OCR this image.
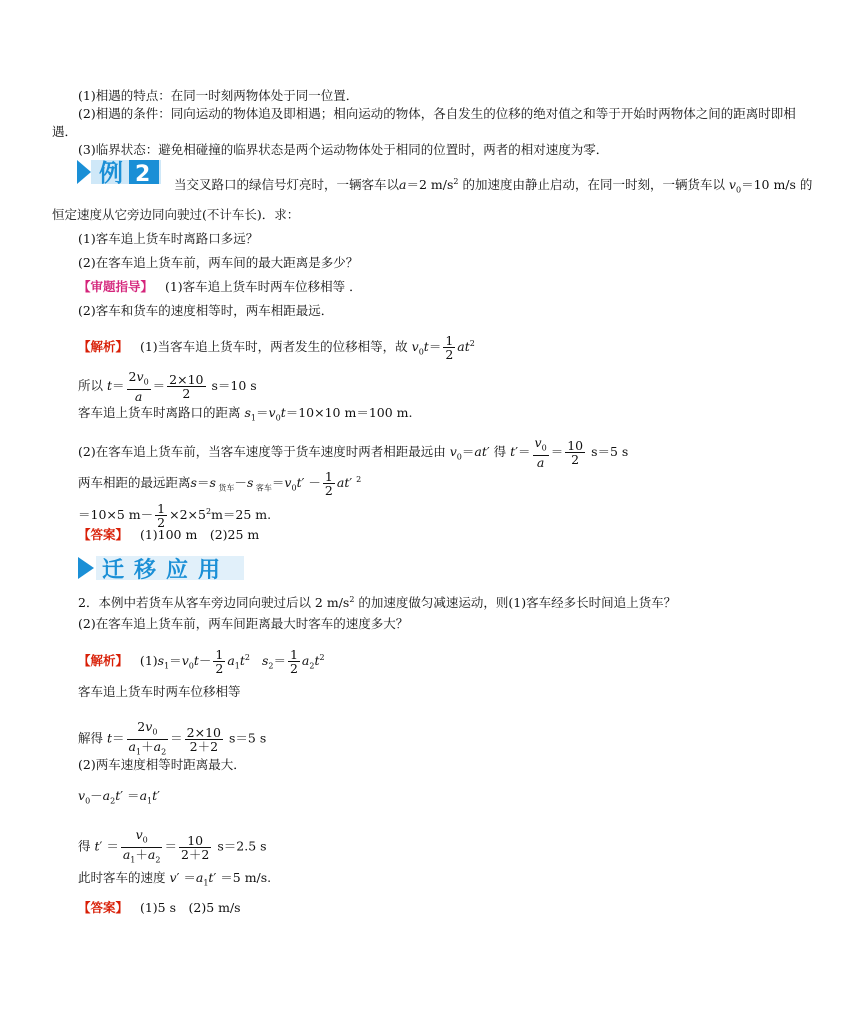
(1)相遇的特点：在同一时刻两物体处于同一位置．
(2)相遇的条件：同向运动的物体追及即相遇；相向运动的物体，各自发生的位移的绝对值之和等于开始时两物体之间的距离时即相
遇．
(3)临界状态：避免相碰撞的临界状态是两个运动物体处于相同的位置时，两者的相对速度为零．
例 2 当交叉路口的绿信号灯亮时，一辆客车以a＝2 $m/s^2$ 的加速度由静止启动，在同一时刻，一辆货车以 $v_0=10$ m/s 的
恒定速度从它旁边同向驶过(不计车长)．求：
(1)客车追上货车时离路口多远？
(2)在客车追上货车前，两车间的最大距离是多少？
【审题指导】 (1)客车追上货车时两车位移相等 ．
(2)客车和货车的速度相等时，两车相距最远．
【解析】 (1)当客车追上货车时，两者发生的位移相等，故 $v_0t= \frac{1}{2} at^2$
所以 $t= \frac{2v_0}{a} = \frac{2\times 10}{2} s=10$ s
客车追上货车时离路口的距离 $s_1=v_0t=10\times 10$ m＝100 m.
(2)在客车追上货车前，当客车速度等于货车速度时两者相距最远由 $v_0=at'$ 得 $t'= \frac{v_0}{a} = \frac{10}{2} s=5$ s
两车相距的最远距离s＝s $_{货车}$－s $_{客车}=v_0t' - \frac{1}{2} at'$ $^2$
＝10×5 $m- \frac{1}{2} \times 2\times 5^2m=25$ m.
【答案】 (1)100 m　(2)25 m
迁移应用
2．本例中若货车从客车旁边同向驶过后以 2 $m/s^2$ 的加速度做匀减速运动，则(1)客车经多长时间追上货车？
(2)在客车追上货车前，两车间距离最大时客车的速度多大？
【解析】   $(1)s_1=v_0t- \frac{1}{2} a_1t^2$ $s_2= \frac{1}{2} a_2t^2$
客车追上货车时两车位移相等
解得 $t= \frac{2v_0}{a_1+a_2} = \frac{2\times 10}{2+2} s=5$ s
(2)两车速度相等时距离最大．
$v_0-a_2t' =a_1t'$
得 $t' = \frac{v_0}{a_1+a_2} = \frac{10}{2+2} s=2.5$ s
此时客车的速度 $v' =a_1t' =5$ m/s.
【答案】 (1)5 s　(2)5 m/s
